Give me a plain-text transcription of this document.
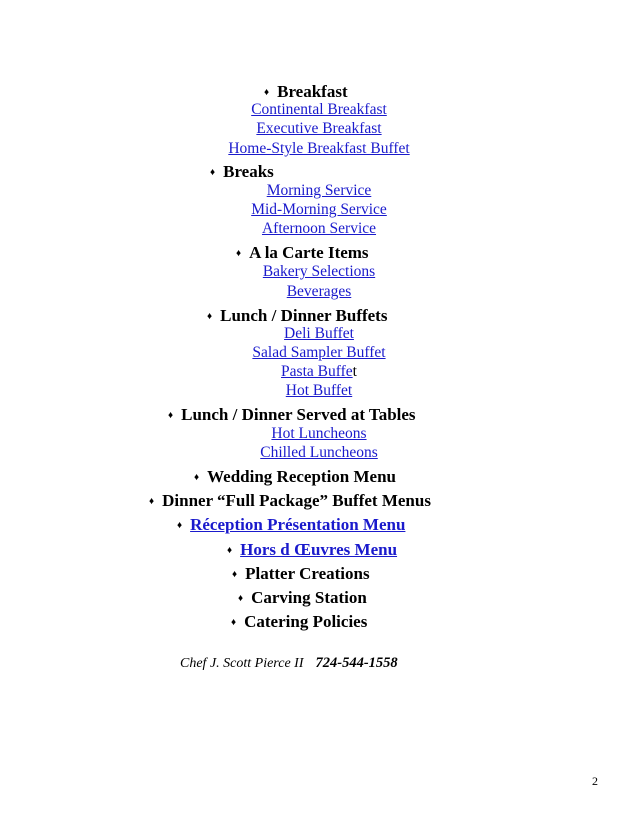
♦ Breakfast
Continental Breakfast
Executive Breakfast
Home-Style Breakfast Buffet
♦ Breaks
Morning Service
Mid-Morning Service
Afternoon Service
♦ A la Carte Items
Bakery Selections
Beverages
♦ Lunch / Dinner Buffets
Deli Buffet
Salad Sampler Buffet
Pasta Buffet
Hot Buffet
♦ Lunch / Dinner Served at Tables
Hot Luncheons
Chilled Luncheons
♦ Wedding Reception Menu
♦ Dinner “Full Package” Buffet Menus
♦ Réception Présentation Menu
♦ Hors d Œuvres Menu
♦ Platter Creations
♦ Carving Station
♦ Catering Policies
Chef J. Scott Pierce II 724-544-1558
2
